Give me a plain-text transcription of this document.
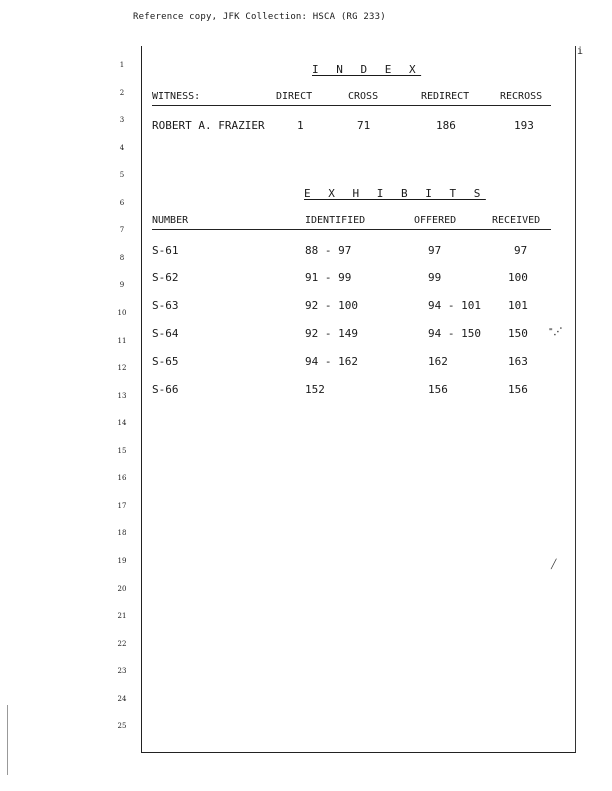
Reference copy, JFK Collection: HSCA (RG 233)
i
1
2
3
4
5
6
7
8
9
10
11
12
13
14
15
16
17
18
19
20
21
22
23
24
25
I N D E X
WITNESS:	DIRECT	CROSS	REDIRECT	RECROSS
ROBERT A. FRAZIER	1	71	186	193
E X H I B I T S
NUMBER	IDENTIFIED	OFFERED	RECEIVED
S-61	88 - 97	97	97
S-62	91 - 99	99	100
S-63	92 - 100	94 - 101 101
S-64	92 - 149	94 - 150 150
S-65	94 - 162	162	163
S-66	152	156	156
⁼⋰
╱
